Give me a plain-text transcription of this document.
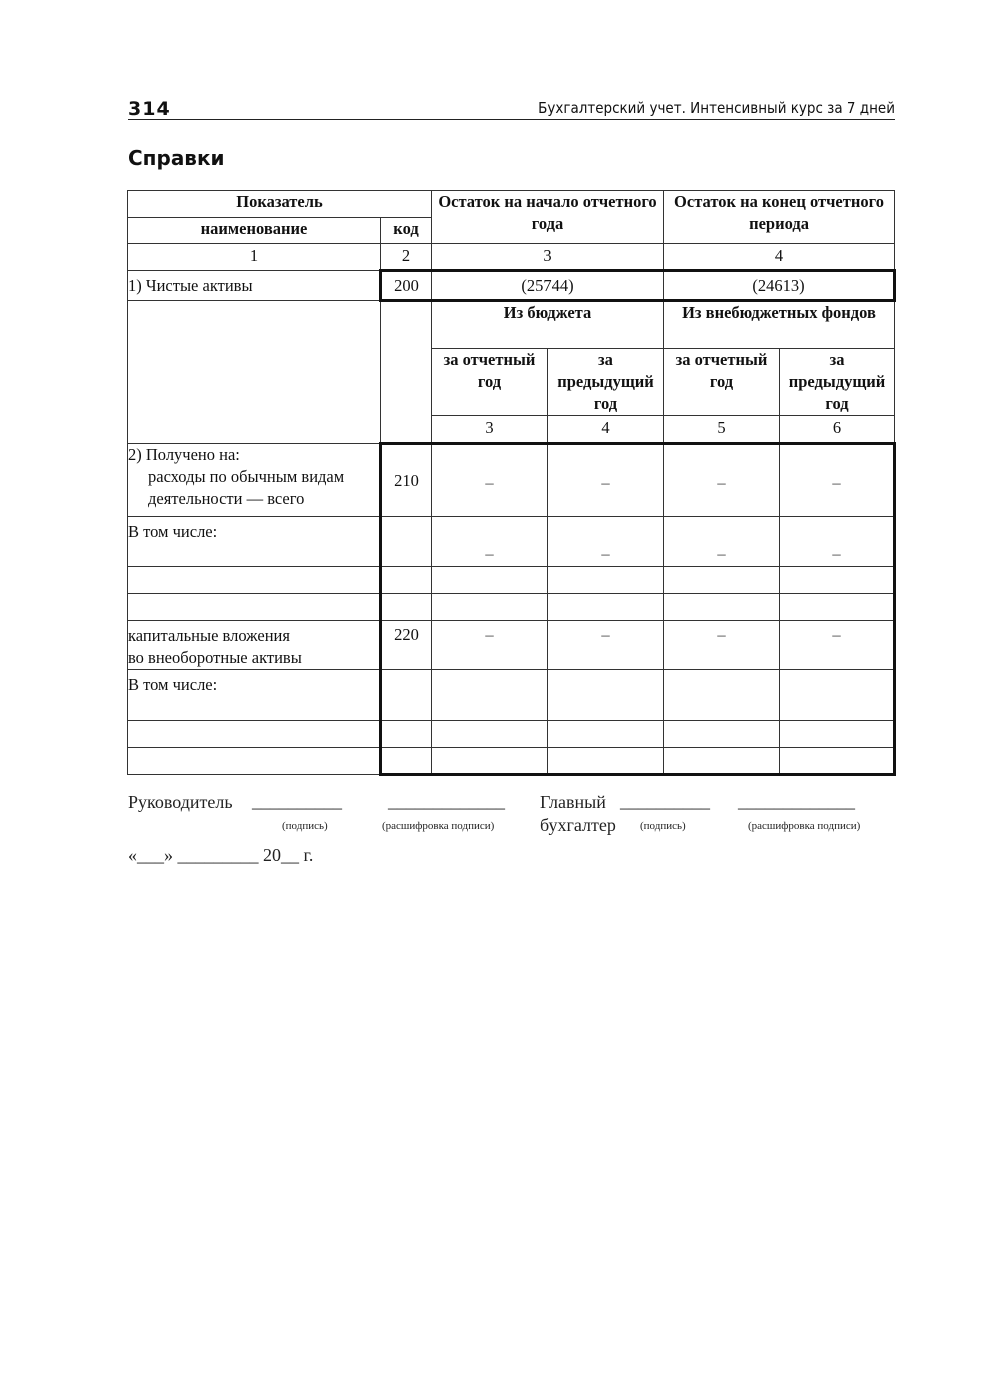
314	Бухгалтерский учет. Интенсивный курс за 7 дней
Справки
Показатель		Остаток на начало отчетного года		Остаток на конец отчетного периода	
наименование	код				
1	2	3		4	
1) Чистые активы	200	(25744)		(24613)	
		Из бюджета		Из внебюджетных фондов	
		за отчетный год	за предыдущий год	за отчетный год	за предыдущий год
		3	4	5	6

2) Получено на:
расходы по обычным видам
деятельности — всего	210	–	–	–	–
В том числе:		–	–	–	–

капитальные вложения
во внеоборотные активы	220	–	–	–	–
В том числе:					

Руководитель __________	_____________
(подпись)	(расшифровка подписи)
Главный
бухгалтер
__________ _____________
(подпись)	(расшифровка подписи)
«___» _________ 20__ г.
